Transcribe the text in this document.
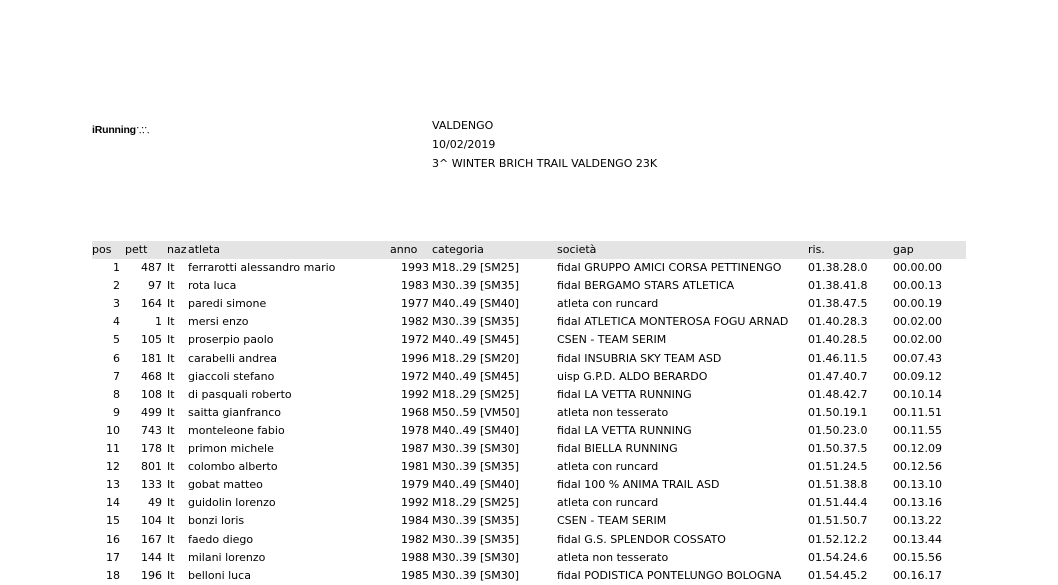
iRunning⸪⸫	VALDENGO
10/02/2019
3^ WINTER BRICH TRAIL VALDENGO 23K
pos	pett	naz atleta	anno	categoria	società	ris.	gap
1	487 It	ferrarotti alessandro mario	1993 M18..29 [SM25]	fidal GRUPPO AMICI CORSA PETTINENGO	01.38.28.0	00.00.00
2	97 It	rota luca	1983 M30..39 [SM35]	fidal BERGAMO STARS ATLETICA	01.38.41.8	00.00.13
3	164 It	paredi simone	1977 M40..49 [SM40]	atleta con runcard	01.38.47.5	00.00.19
4	1 It	mersi enzo	1982 M30..39 [SM35]	fidal ATLETICA MONTEROSA FOGU ARNAD	01.40.28.3	00.02.00
5	105 It	proserpio paolo	1972 M40..49 [SM45]	CSEN - TEAM SERIM	01.40.28.5	00.02.00
6	181 It	carabelli andrea	1996 M18..29 [SM20]	fidal INSUBRIA SKY TEAM ASD	01.46.11.5	00.07.43
7	468 It	giaccoli stefano	1972 M40..49 [SM45]	uisp G.P.D. ALDO BERARDO	01.47.40.7	00.09.12
8	108 It	di pasquali roberto	1992 M18..29 [SM25]	fidal LA VETTA RUNNING	01.48.42.7	00.10.14
9	499 It	saitta gianfranco	1968 M50..59 [VM50]	atleta non tesserato	01.50.19.1	00.11.51
10	743 It	monteleone fabio	1978 M40..49 [SM40]	fidal LA VETTA RUNNING	01.50.23.0	00.11.55
11	178 It	primon michele	1987 M30..39 [SM30]	fidal BIELLA RUNNING	01.50.37.5	00.12.09
12	801 It	colombo alberto	1981 M30..39 [SM35]	atleta con runcard	01.51.24.5	00.12.56
13	133 It	gobat matteo	1979 M40..49 [SM40]	fidal 100 % ANIMA TRAIL ASD	01.51.38.8	00.13.10
14	49 It	guidolin lorenzo	1992 M18..29 [SM25]	atleta con runcard	01.51.44.4	00.13.16
15	104 It	bonzi loris	1984 M30..39 [SM35]	CSEN - TEAM SERIM	01.51.50.7	00.13.22
16	167 It	faedo diego	1982 M30..39 [SM35]	fidal G.S. SPLENDOR COSSATO	01.52.12.2	00.13.44
17	144 It	milani lorenzo	1988 M30..39 [SM30]	atleta non tesserato	01.54.24.6	00.15.56
18	196 It	belloni luca	1985 M30..39 [SM30]	fidal PODISTICA PONTELUNGO BOLOGNA	01.54.45.2	00.16.17
